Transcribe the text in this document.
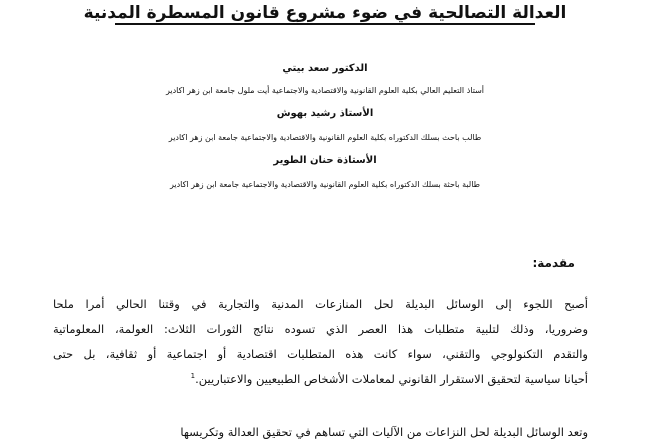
العدالة التصالحية في ضوء مشروع قانون المسطرة المدنية
الدكتور سعد بيتي
أستاذ التعليم العالي بكلية العلوم القانونية والاقتصادية والاجتماعية أيت ملول جامعة ابن زهر اكادير
الأستاذ رشيد بهوش
طالب باحث بسلك الدكتوراه بكلية العلوم القانونية والاقتصادية والاجتماعية جامعة ابن زهر اكادير
الأستاذة حنان الطوير
طالبة باحثة بسلك الدكتوراه بكلية العلوم القانونية والاقتصادية والاجتماعية جامعة ابن زهر اكادير
مقدمة:
أصبح اللجوء إلى الوسائل البديلة لحل المنازعات المدنية والتجارية في وقتنا الحالي أمرا ملحا
وضروريا، وذلك لتلبية متطلبات هذا العصر الذي تسوده نتائج الثورات الثلاث: العولمة، المعلوماتية
والتقدم التكنولوجي والتقني، سواء كانت هذه المتطلبات اقتصادية أو اجتماعية أو ثقافية، بل حتى
أحيانا سياسية لتحقيق الاستقرار القانوني لمعاملات الأشخاص الطبيعيين والاعتباريين.$^1$
وتعد الوسائل البديلة لحل النزاعات من الآليات التي تساهم في تحقيق العدالة وتكريسها
